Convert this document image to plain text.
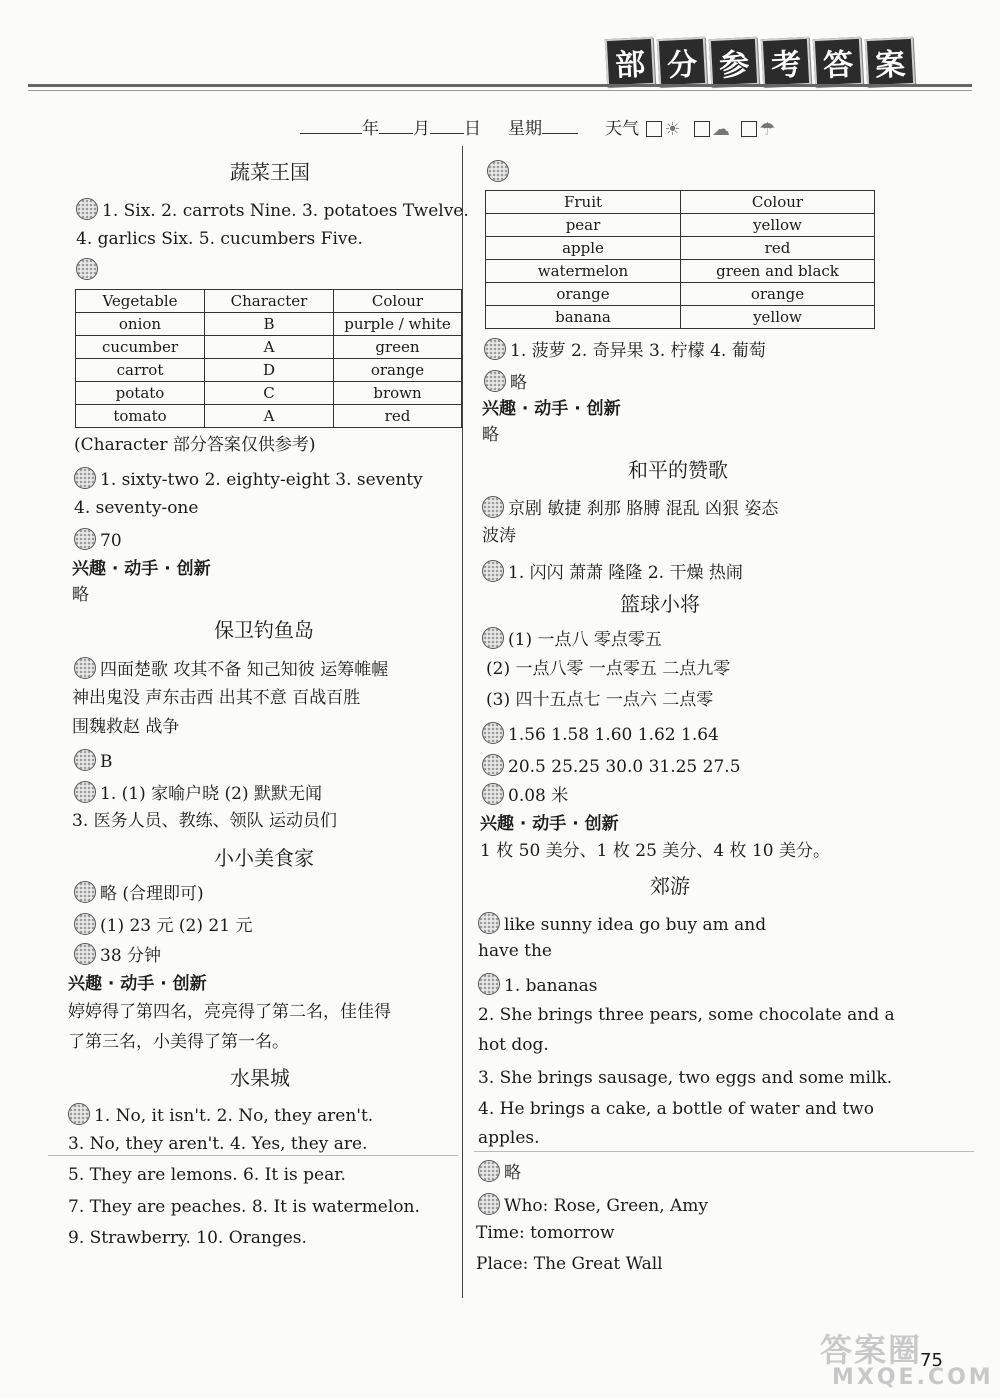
部 分 参 考 答 案
年 月 日 星期	天气 ☀ ☁ ☂
蔬菜王国
1. Six. 2. carrots Nine. 3. potatoes Twelve.
4. garlics Six. 5. cucumbers Five.
Vegetable	Character	Colour
onion	B	purple / white
cucumber	A	green
carrot	D	orange
potato	C	brown
tomato	A	red
(Character 部分答案仅供参考)
1. sixty-two 2. eighty-eight 3. seventy
4. seventy-one
70
兴趣 · 动手 · 创新
略
保卫钓鱼岛
四面楚歌 攻其不备 知己知彼 运筹帷幄
神出鬼没 声东击西 出其不意 百战百胜
围魏救赵 战争
B
1. (1) 家喻户晓 (2) 默默无闻
3. 医务人员、教练、领队 运动员们
小小美食家
略 (合理即可)
(1) 23 元 (2) 21 元
38 分钟
兴趣 · 动手 · 创新
婷婷得了第四名，亮亮得了第二名，佳佳得
了第三名，小美得了第一名。
水果城
1. No, it isn't. 2. No, they aren't.
3. No, they aren't. 4. Yes, they are.
5. They are lemons. 6. It is pear.
7. They are peaches. 8. It is watermelon.
9. Strawberry. 10. Oranges.
Fruit	Colour
pear	yellow
apple	red
watermelon	green and black
orange	orange
banana	yellow
1. 菠萝 2. 奇异果 3. 柠檬 4. 葡萄
略
兴趣 · 动手 · 创新
略
和平的赞歌
京剧 敏捷 刹那 胳膊 混乱 凶狠 姿态
波涛
1. 闪闪 萧萧 隆隆 2. 干燥 热闹
篮球小将
(1) 一点八 零点零五
(2) 一点八零 一点零五 二点九零
(3) 四十五点七 一点六 二点零
1.56 1.58 1.60 1.62 1.64
20.5 25.25 30.0 31.25 27.5
0.08 米
兴趣 · 动手 · 创新
1 枚 50 美分、1 枚 25 美分、4 枚 10 美分。
郊游
like sunny idea go buy am and
have the
1. bananas
2. She brings three pears, some chocolate and a
hot dog.
3. She brings sausage, two eggs and some milk.
4. He brings a cake, a bottle of water and two
apples.
略
Who: Rose, Green, Amy
Time: tomorrow
Place: The Great Wall
答案圈
MXQE.COM
75
